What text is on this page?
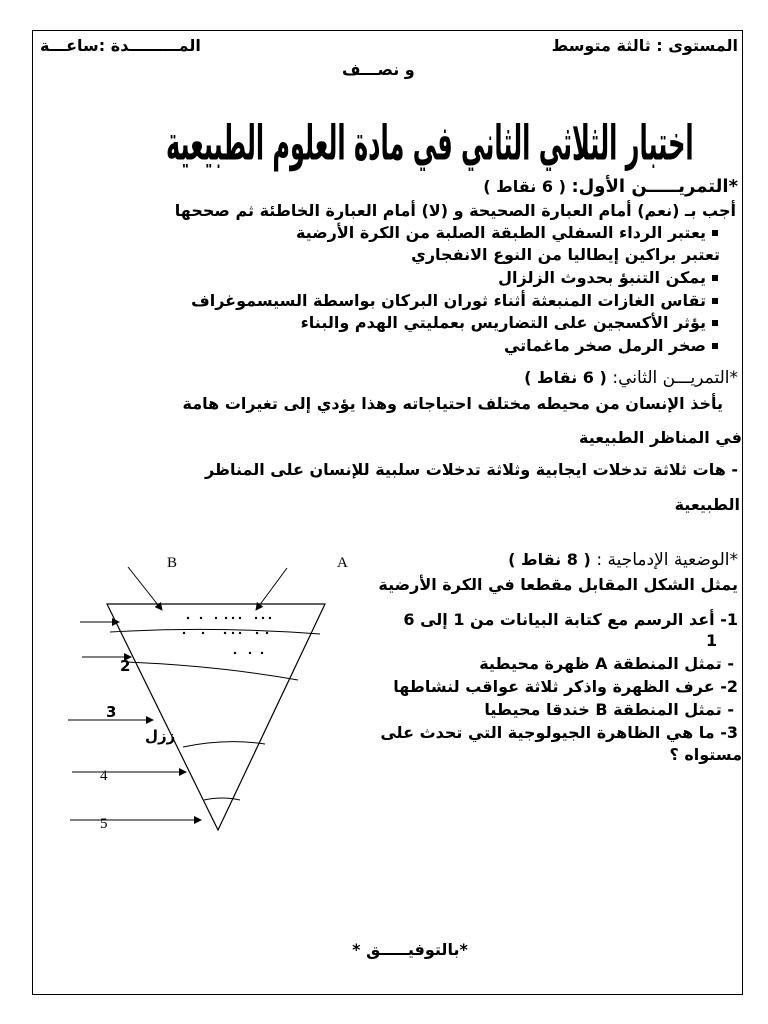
المستوى : ثالثة متوسط
المـــــــــدة :ساعـــة
و نصـــف
اختبار الثلاثي الثاني في مادة العلوم الطبيعية
*التمريـــــن الأول: ( 6 نقاط )
أجب بـ (نعم) أمام العبارة الصحيحة و (لا) أمام العبارة الخاطئة ثم صححها
يعتبر الرداء السفلي الطبقة الصلبة من الكرة الأرضية
تعتبر براكين إيطاليا من النوع الانفجاري
يمكن التنبؤ بحدوث الزلزال
تقاس الغازات المنبعثة أثناء ثوران البركان بواسطة السيسموغراف
يؤثر الأكسجين على التضاريس بعمليتي الهدم والبناء
صخر الرمل صخر ماغماتي
*التمريـــن الثاني: ( 6 نقاط )
يأخذ الإنسان من محيطه مختلف احتياجاته وهذا يؤدي إلى تغيرات هامة
في المناظر الطبيعية
- هات ثلاثة تدخلات ايجابية وثلاثة تدخلات سلبية للإنسان على المناظر
الطبيعية
*الوضعية الإدماجية : ( 8 نقاط )
يمثل الشكل المقابل مقطعا في الكرة الأرضية
1- أعد الرسم مع كتابة البيانات من 1 إلى 6
1
- تمثل المنطقة A ظهرة محيطية
2- عرف الظهرة واذكر ثلاثة عواقب لنشاطها
- تمثل المنطقة B خندقا محيطيا
3- ما هي الظاهرة الجيولوجية التي تحدث على
مستواه ؟
B	A
2
3
4
5
ززل
*بالتوفيـــــق *
